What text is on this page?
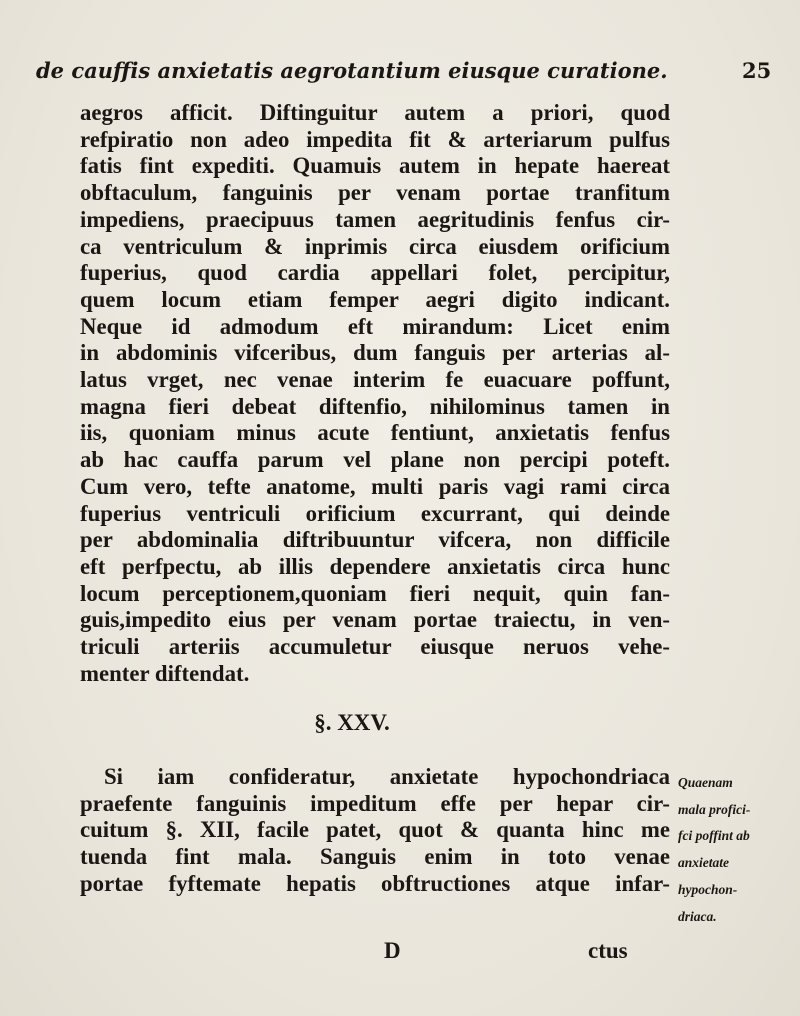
de cauffis anxietatis aegrotantium eiusque curatione.	25
aegros afficit. Diftinguitur autem a priori, quod
refpiratio non adeo impedita fit & arteriarum pulfus
fatis fint expediti. Quamuis autem in hepate haereat
obftaculum, fanguinis per venam portae tranfitum
impediens, praecipuus tamen aegritudinis fenfus cir-
ca ventriculum & inprimis circa eiusdem orificium
fuperius, quod cardia appellari folet, percipitur,
quem locum etiam femper aegri digito indicant.
Neque id admodum eft mirandum: Licet enim
in abdominis vifceribus, dum fanguis per arterias al-
latus vrget, nec venae interim fe euacuare poffunt,
magna fieri debeat diftenfio, nihilominus tamen in
iis, quoniam minus acute fentiunt, anxietatis fenfus
ab hac cauffa parum vel plane non percipi poteft.
Cum vero, tefte anatome, multi paris vagi rami circa
fuperius ventriculi orificium excurrant, qui deinde
per abdominalia diftribuuntur vifcera, non difficile
eft perfpectu, ab illis dependere anxietatis circa hunc
locum perceptionem,quoniam fieri nequit, quin fan-
guis,impedito eius per venam portae traiectu, in ven-
triculi arteriis accumuletur eiusque neruos vehe-
menter diftendat.
§. XXV.
Si iam confideratur, anxietate hypochondriaca
praefente fanguinis impeditum effe per hepar cir-
cuitum §. XII, facile patet, quot & quanta hinc me
tuenda fint mala. Sanguis enim in toto venae
portae fyftemate hepatis obftructiones atque infar-
Quaenam
mala profici-
fci poffint ab
anxietate
hypochon-
driaca.
D	ctus
